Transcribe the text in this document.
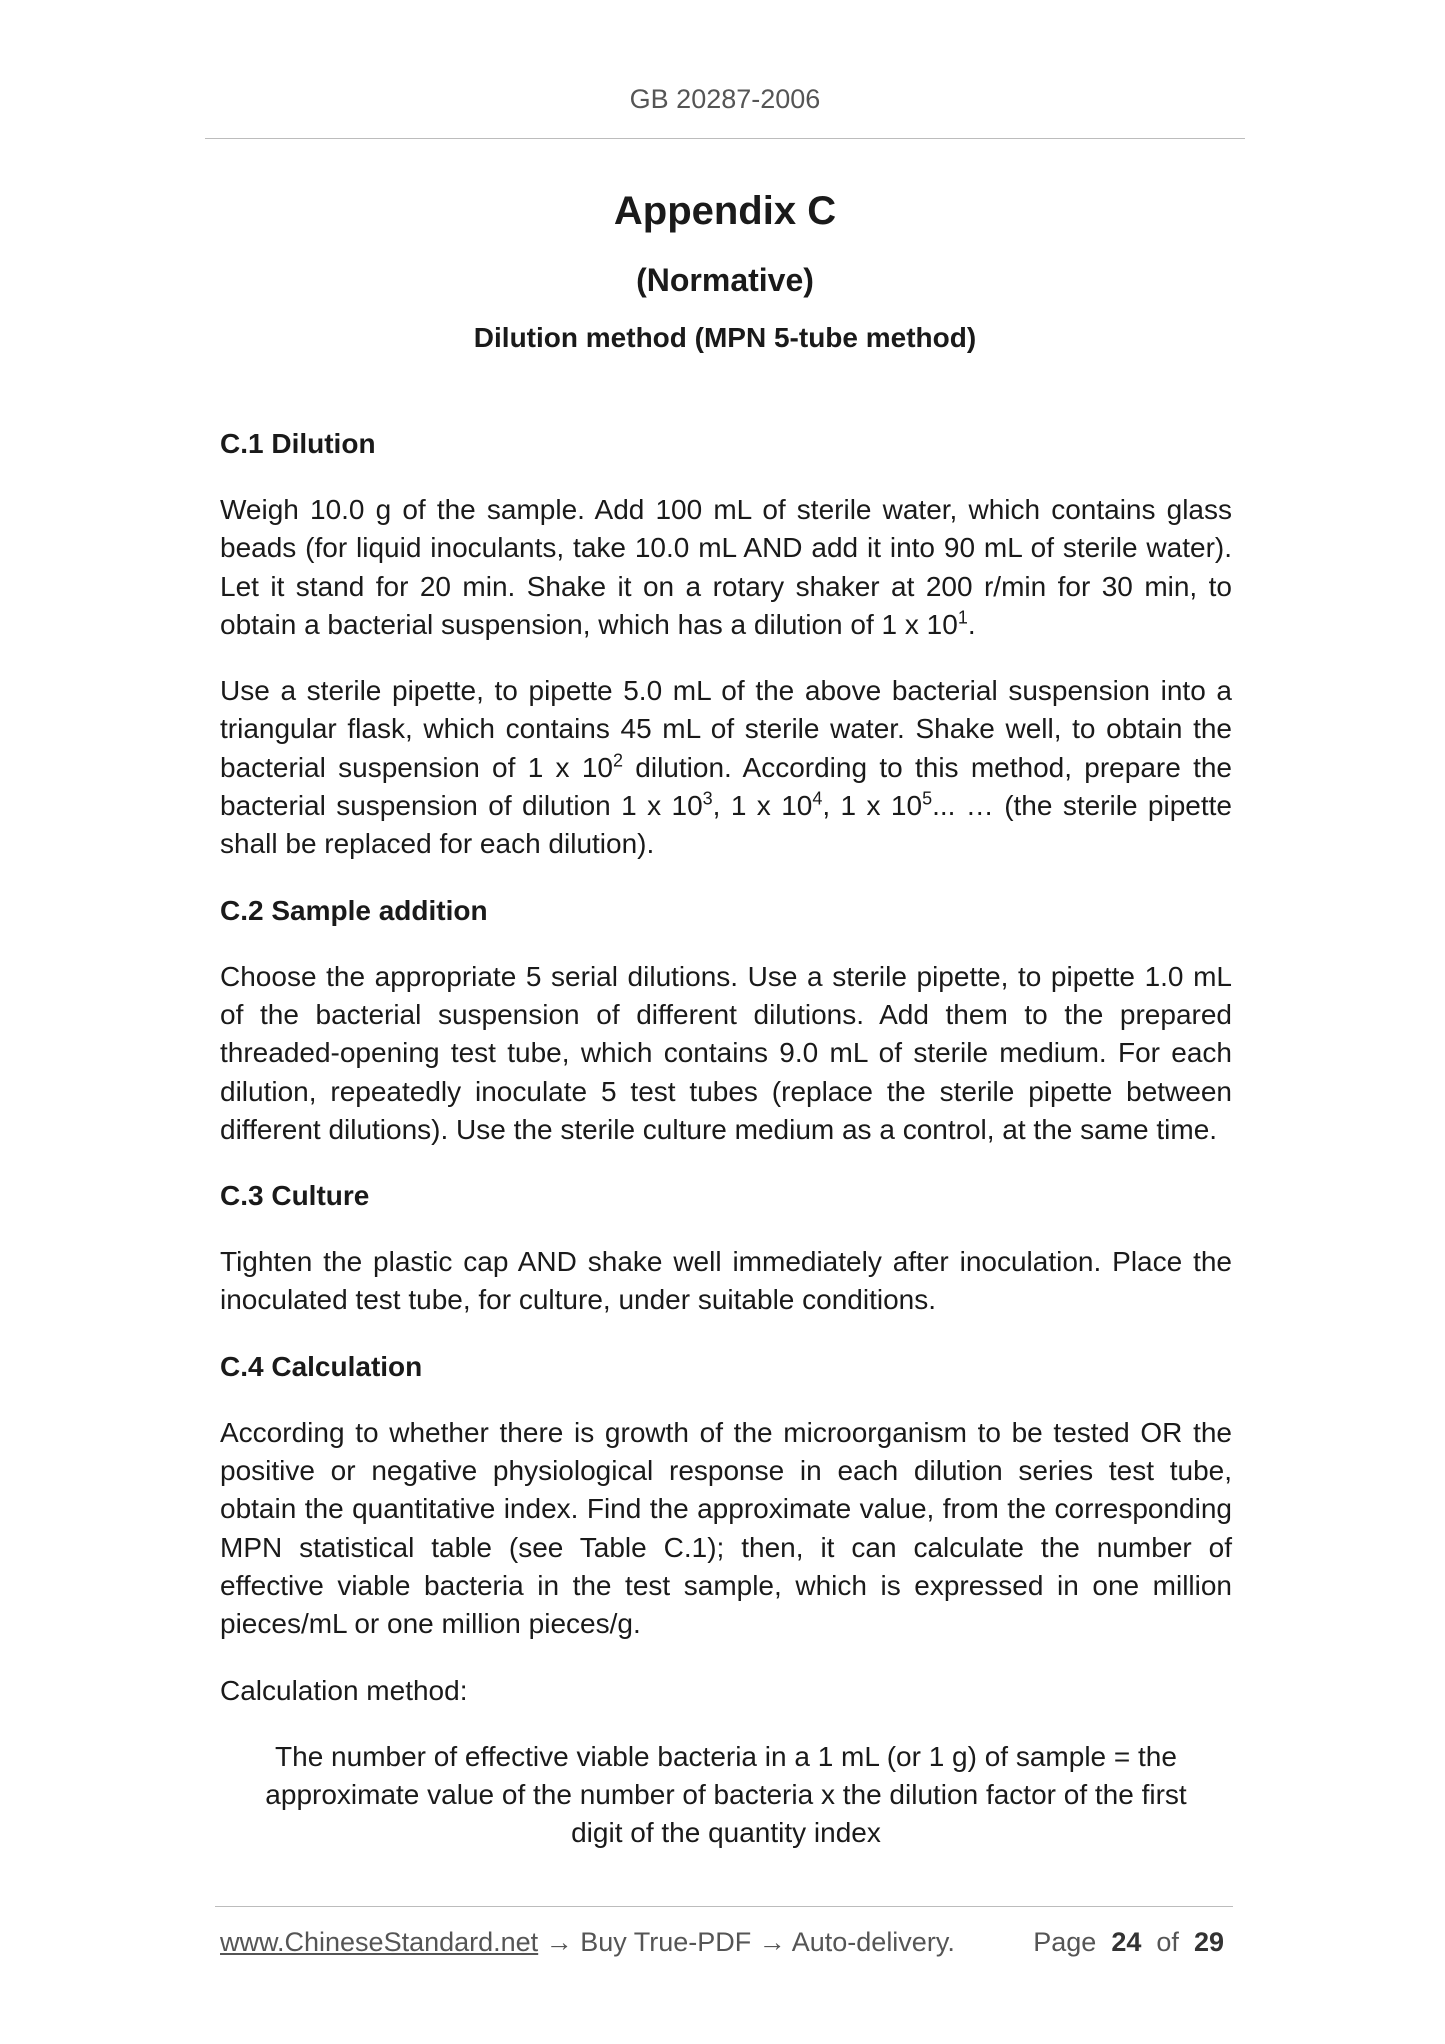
GB 20287-2006
Appendix C
(Normative)
Dilution method (MPN 5-tube method)
C.1 Dilution

Weigh 10.0 g of the sample. Add 100 mL of sterile water, which contains glass beads (for liquid inoculants, take 10.0 mL AND add it into 90 mL of sterile water). Let it stand for 20 min. Shake it on a rotary shaker at 200 r/min for 30 min, to obtain a bacterial suspension, which has a dilution of 1 x $10^1$.

Use a sterile pipette, to pipette 5.0 mL of the above bacterial suspension into a triangular flask, which contains 45 mL of sterile water. Shake well, to obtain the bacterial suspension of 1 x $10^2$ dilution. According to this method, prepare the bacterial suspension of dilution 1 x $10^3$, 1 x $10^4$, 1 x $10^5$... … (the sterile pipette shall be replaced for each dilution).

C.2 Sample addition

Choose the appropriate 5 serial dilutions. Use a sterile pipette, to pipette 1.0 mL of the bacterial suspension of different dilutions. Add them to the prepared threaded-opening test tube, which contains 9.0 mL of sterile medium. For each dilution, repeatedly inoculate 5 test tubes (replace the sterile pipette between different dilutions). Use the sterile culture medium as a control, at the same time.

C.3 Culture

Tighten the plastic cap AND shake well immediately after inoculation. Place the inoculated test tube, for culture, under suitable conditions.

C.4 Calculation

According to whether there is growth of the microorganism to be tested OR the positive or negative physiological response in each dilution series test tube, obtain the quantitative index. Find the approximate value, from the corresponding MPN statistical table (see Table C.1); then, it can calculate the number of effective viable bacteria in the test sample, which is expressed in one million pieces/mL or one million pieces/g.

Calculation method:

The number of effective viable bacteria in a 1 mL (or 1 g) of sample = the approximate value of the number of bacteria x the dilution factor of the first digit of the quantity index

www.ChineseStandard.net → Buy True-PDF → Auto-delivery.	Page 24 of 29
